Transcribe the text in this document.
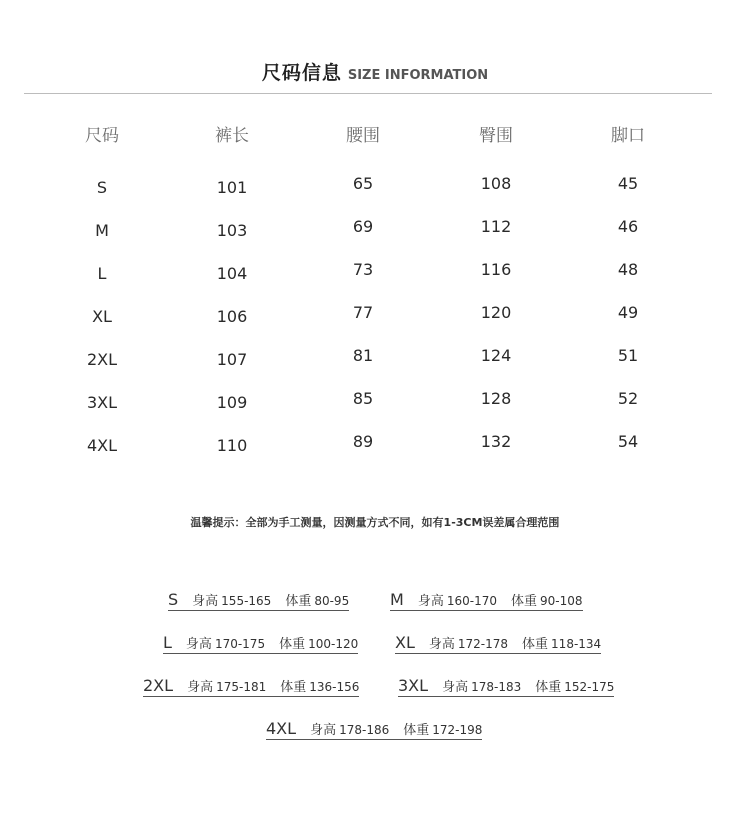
尺码信息 SIZE INFORMATION
尺码	裤长	腰围	臀围	脚口
S	101	65	108	45
M	103	69	112	46
L	104	73	116	48
XL	106	77	120	49
2XL	107	81	124	51
3XL	109	85	128	52
4XL	110	89	132	54
温馨提示：全部为手工测量，因测量方式不同，如有1-3CM误差属合理范围
S 身高 155-165 体重 80-95	M 身高 160-170 体重 90-108
L 身高 170-175 体重 100-120 XL 身高 172-178 体重 118-134
2XL 身高 175-181 体重 136-156 3XL 身高 178-183 体重 152-175
4XL 身高 178-186 体重 172-198
